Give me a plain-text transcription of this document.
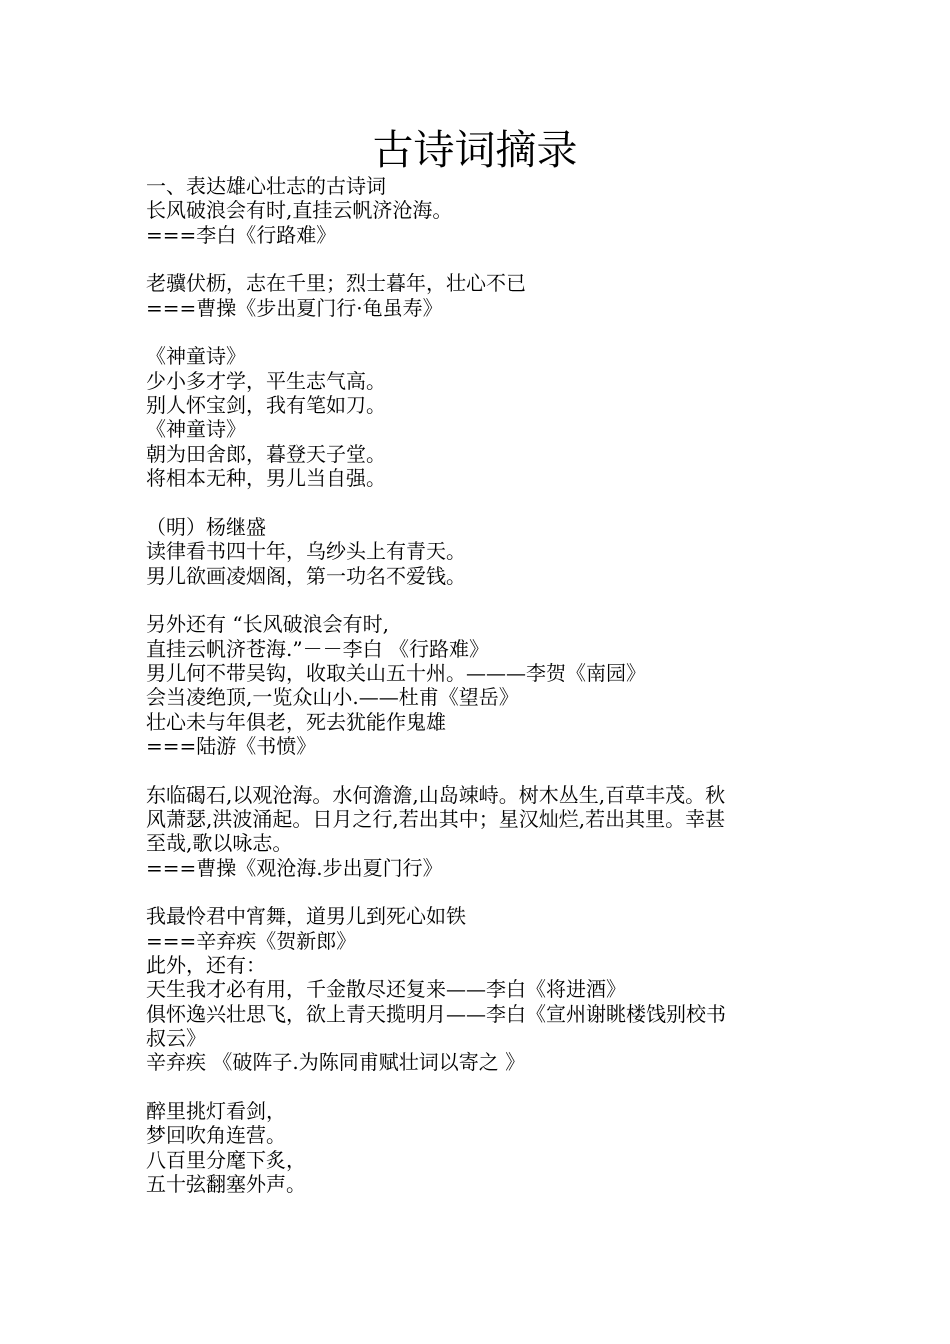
古诗词摘录
一、表达雄心壮志的古诗词
长风破浪会有时,直挂云帆济沧海。
===李白《行路难》
老骥伏枥，志在千里；烈士暮年，壮心不已
===曹操《步出夏门行·龟虽寿》
《神童诗》
少小多才学，平生志气高。
别人怀宝剑，我有笔如刀。
《神童诗》
朝为田舍郎，暮登天子堂。
将相本无种，男儿当自强。
（明）杨继盛
读律看书四十年，乌纱头上有青天。
男儿欲画凌烟阁，第一功名不爱钱。
另外还有 “长风破浪会有时,
直挂云帆济苍海.”－－李白 《行路难》
男儿何不带吴钩，收取关山五十州。———李贺《南园》
会当凌绝顶,一览众山小.——杜甫《望岳》
壮心未与年俱老，死去犹能作鬼雄
===陆游《书愤》
东临碣石,以观沧海。水何澹澹,山岛竦峙。树木丛生,百草丰茂。秋
风萧瑟,洪波涌起。日月之行,若出其中；星汉灿烂,若出其里。幸甚
至哉,歌以咏志。
===曹操《观沧海.步出夏门行》
我最怜君中宵舞，道男儿到死心如铁
===辛弃疾《贺新郎》
此外，还有：
天生我才必有用，千金散尽还复来——李白《将进酒》
俱怀逸兴壮思飞，欲上青天揽明月——李白《宣州谢眺楼饯别校书
叔云》
辛弃疾 《破阵子.为陈同甫赋壮词以寄之 》
醉里挑灯看剑，
梦回吹角连营。
八百里分麾下炙，
五十弦翻塞外声。
